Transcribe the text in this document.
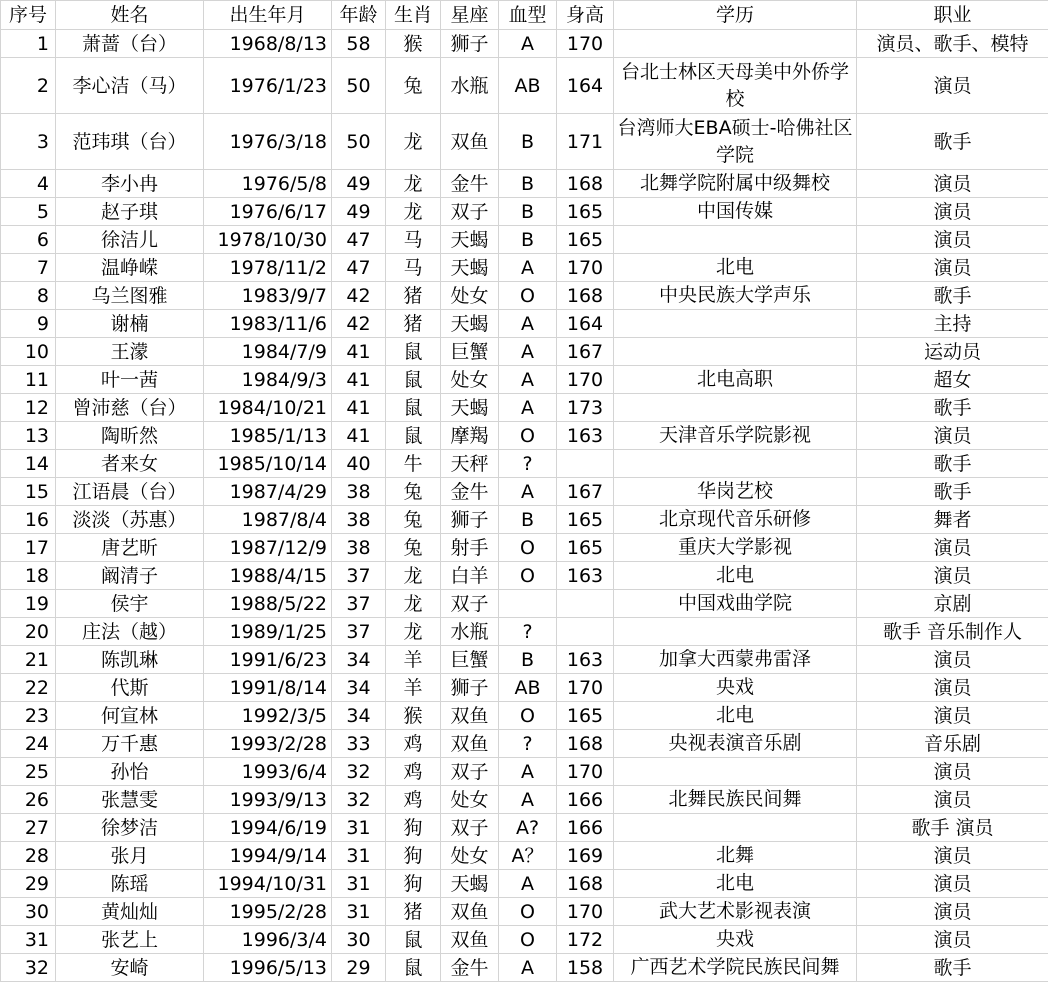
序号	姓名	出生年月	年龄	生肖	星座	血型	身高	学历	职业
1	萧蔷（台）	1968/8/13	58	猴	狮子	A	170		演员、歌手、模特
2	李心洁（马）	1976/1/23	50	兔	水瓶	AB	164	台北士林区天母美中外侨学校	演员
3	范玮琪（台）	1976/3/18	50	龙	双鱼	B	171	台湾师大EBA硕士-哈佛社区学院	歌手
4	李小冉	1976/5/8	49	龙	金牛	B	168	北舞学院附属中级舞校	演员
5	赵子琪	1976/6/17	49	龙	双子	B	165	中国传媒	演员
6	徐洁儿	1978/10/30	47	马	天蝎	B	165		演员
7	温峥嵘	1978/11/2	47	马	天蝎	A	170	北电	演员
8	乌兰图雅	1983/9/7	42	猪	处女	O	168	中央民族大学声乐	歌手
9	谢楠	1983/11/6	42	猪	天蝎	A	164		主持
10	王濛	1984/7/9	41	鼠	巨蟹	A	167		运动员
11	叶一茜	1984/9/3	41	鼠	处女	A	170	北电高职	超女
12	曾沛慈（台）	1984/10/21	41	鼠	天蝎	A	173		歌手
13	陶昕然	1985/1/13	41	鼠	摩羯	O	163	天津音乐学院影视	演员
14	者来女	1985/10/14	40	牛	天秤	?			歌手
15	江语晨（台）	1987/4/29	38	兔	金牛	A	167	华岗艺校	歌手
16	淡淡（苏惠）	1987/8/4	38	兔	狮子	B	165	北京现代音乐研修	舞者
17	唐艺昕	1987/12/9	38	兔	射手	O	165	重庆大学影视	演员
18	阚清子	1988/4/15	37	龙	白羊	O	163	北电	演员
19	侯宇	1988/5/22	37	龙	双子			中国戏曲学院	京剧
20	庄法（越）	1989/1/25	37	龙	水瓶	?			歌手 音乐制作人
21	陈凯琳	1991/6/23	34	羊	巨蟹	B	163	加拿大西蒙弗雷泽	演员
22	代斯	1991/8/14	34	羊	狮子	AB	170	央戏	演员
23	何宣林	1992/3/5	34	猴	双鱼	O	165	北电	演员
24	万千惠	1993/2/28	33	鸡	双鱼	?	168	央视表演音乐剧	音乐剧
25	孙怡	1993/6/4	32	鸡	双子	A	170		演员
26	张慧雯	1993/9/13	32	鸡	处女	A	166	北舞民族民间舞	演员
27	徐梦洁	1994/6/19	31	狗	双子	A?	166		歌手 演员
28	张月	1994/9/14	31	狗	处女	A？	169	北舞	演员
29	陈瑶	1994/10/31	31	狗	天蝎	A	168	北电	演员
30	黄灿灿	1995/2/28	31	猪	双鱼	O	170	武大艺术影视表演	演员
31	张艺上	1996/3/4	30	鼠	双鱼	O	172	央戏	演员
32	安崎	1996/5/13	29	鼠	金牛	A	158	广西艺术学院民族民间舞	歌手
